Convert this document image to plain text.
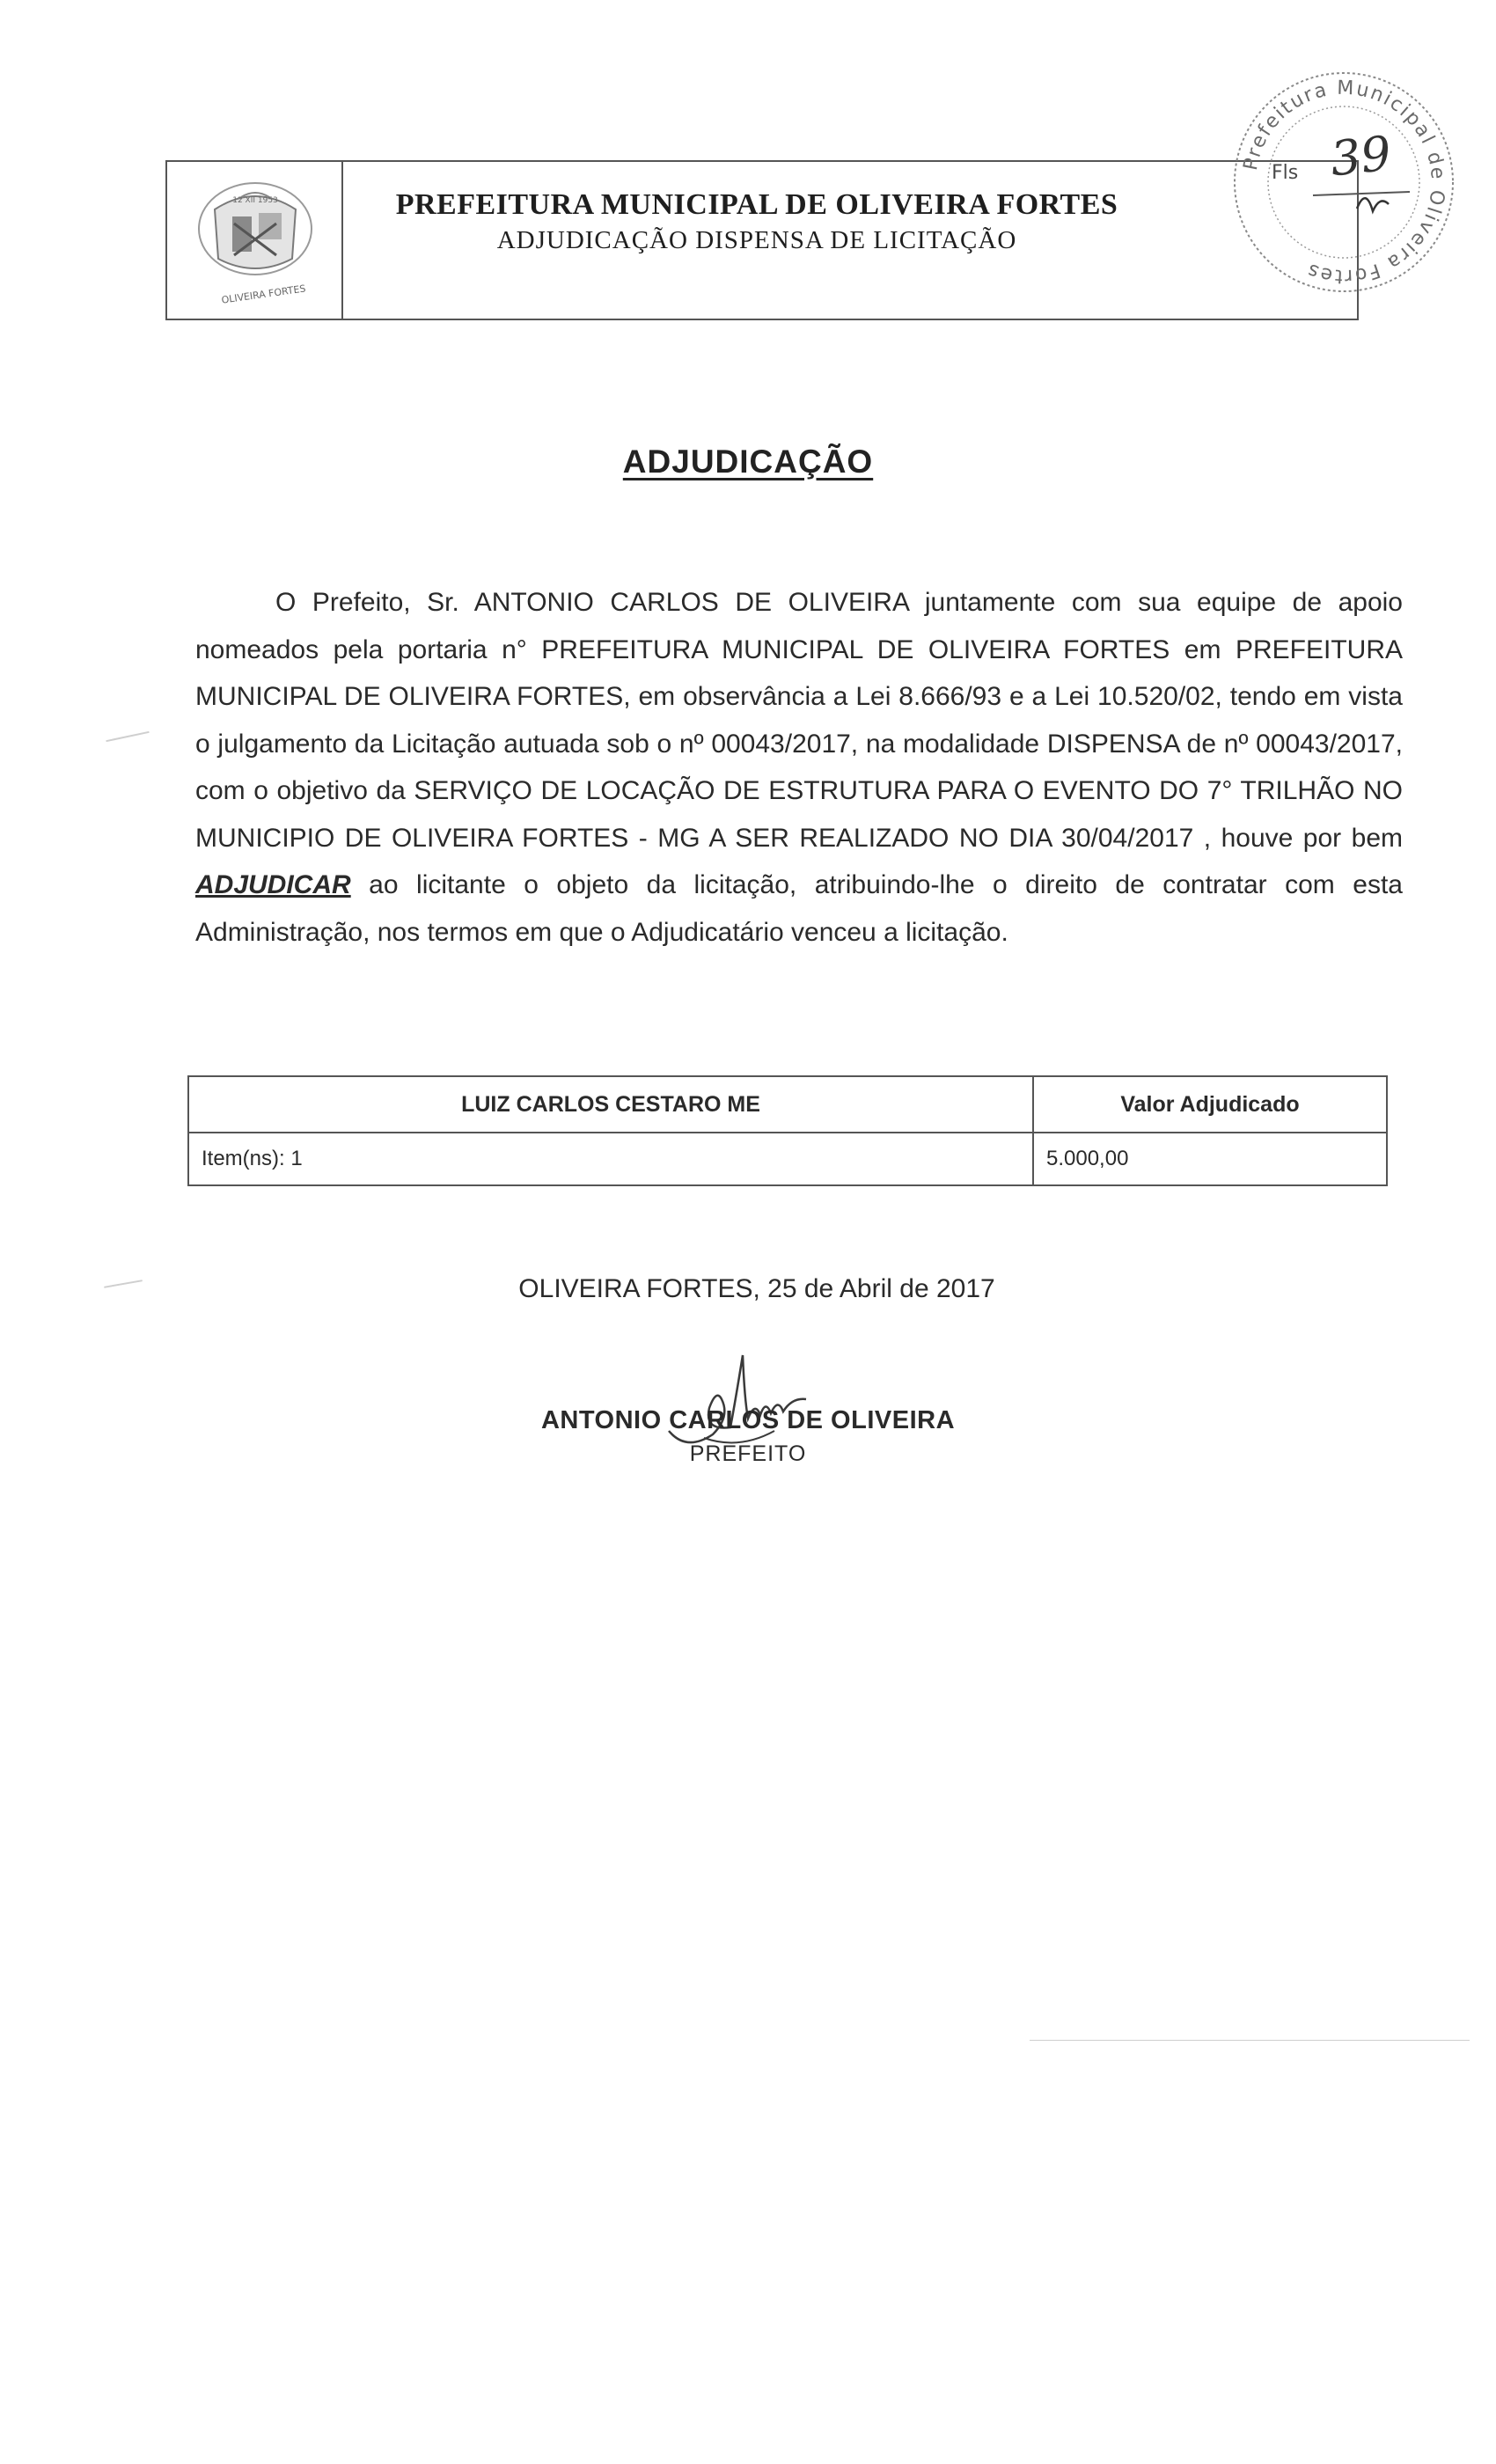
12 XII 1953
OLIVEIRA FORTES
PREFEITURA MUNICIPAL DE OLIVEIRA FORTES
ADJUDICAÇÃO DISPENSA DE LICITAÇÃO
Prefeitura Municipal de Oliveira Fortes
Fls 39
ADJUDICAÇÃO

O Prefeito, Sr. ANTONIO CARLOS DE OLIVEIRA juntamente com sua equipe de apoio nomeados pela portaria n° PREFEITURA MUNICIPAL DE OLIVEIRA FORTES em PREFEITURA MUNICIPAL DE OLIVEIRA FORTES, em observância a Lei 8.666/93 e a Lei 10.520/02, tendo em vista o julgamento da Licitação autuada sob o nº 00043/2017, na modalidade DISPENSA de nº 00043/2017, com o objetivo da SERVIÇO DE LOCAÇÃO DE ESTRUTURA PARA O EVENTO DO 7° TRILHÃO NO MUNICIPIO DE OLIVEIRA FORTES - MG A SER REALIZADO NO DIA 30/04/2017 , houve por bem ADJUDICAR ao licitante o objeto da licitação, atribuindo-lhe o direito de contratar com esta Administração, nos termos em que o Adjudicatário venceu a licitação.

LUIZ CARLOS CESTARO ME	Valor Adjudicado
Item(ns): 1	5.000,00
OLIVEIRA FORTES, 25 de Abril de 2017
ANTONIO CARLOS DE OLIVEIRA
PREFEITO
